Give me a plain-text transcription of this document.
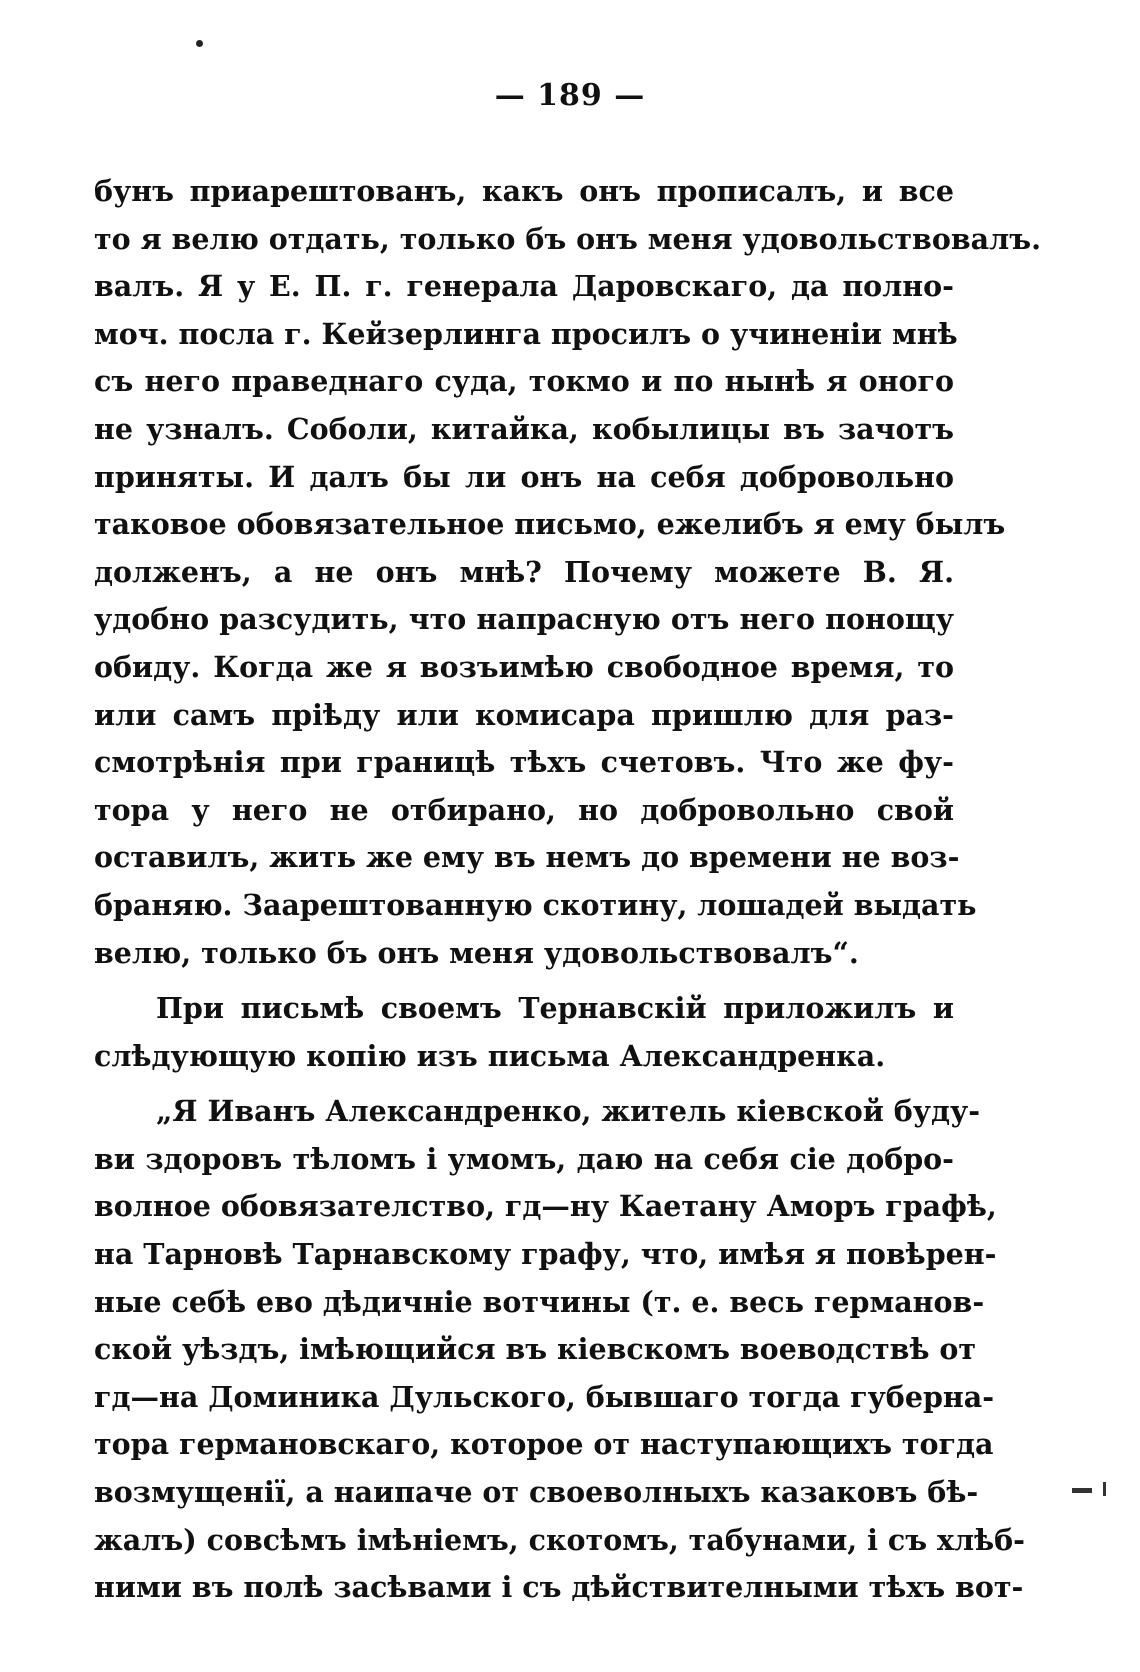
— 189 —
бунъ приарештованъ, какъ онъ прописалъ, и все
то я велю отдать, только бъ онъ меня удовольствовалъ.
валъ. Я у Е. П. г. генерала Даровскаго, да полно-
моч. посла г. Кейзерлинга просилъ о учиненіи мнѣ
съ него праведнаго суда, токмо и по нынѣ я оного
не узналъ. Соболи, китайка, кобылицы въ зачотъ
приняты. И далъ бы ли онъ на себя добровольно
таковое обовязательное письмо, ежелибъ я ему былъ
долженъ, а не онъ мнѣ? Почему можете В. Я.
удобно разсудить, что напрасную отъ него понощу
обиду. Когда же я возъимѣю свободное время, то
или самъ пріѣду или комисара пришлю для раз-
смотрѣнія при границѣ тѣхъ счетовъ. Что же фу-
тора у него не отбирано, но добровольно свой
оставилъ, жить же ему въ немъ до времени не воз-
браняю. Заарештованную скотину, лошадей выдать
велю, только бъ онъ меня удовольствовалъ“.
При письмѣ своемъ Тернавскій приложилъ и
слѣдующую копію изъ письма Александренка.
„Я Иванъ Александренко, житель кіевской буду-
ви здоровъ тѣломъ і умомъ, даю на себя сіе добро-
волное обовязателство, гд—ну Каетану Аморъ графѣ,
на Тарновѣ Тарнавскому графу, что, имѣя я повѣрен-
ные себѣ ево дѣдичніе вотчины (т. е. весь германов-
ской уѣздъ, імѣющийся въ кіевскомъ воеводствѣ от
гд—на Доминика Дульского, бывшаго тогда губерна-
тора германовскаго, которое от наступающихъ тогда
возмущенії, а наипаче от своеволныхъ казаковъ бѣ-
жалъ) совсѣмъ імѣніемъ, скотомъ, табунами, і съ хлѣб-
ними въ полѣ засѣвами і съ дѣйствителными тѣхъ вот-
